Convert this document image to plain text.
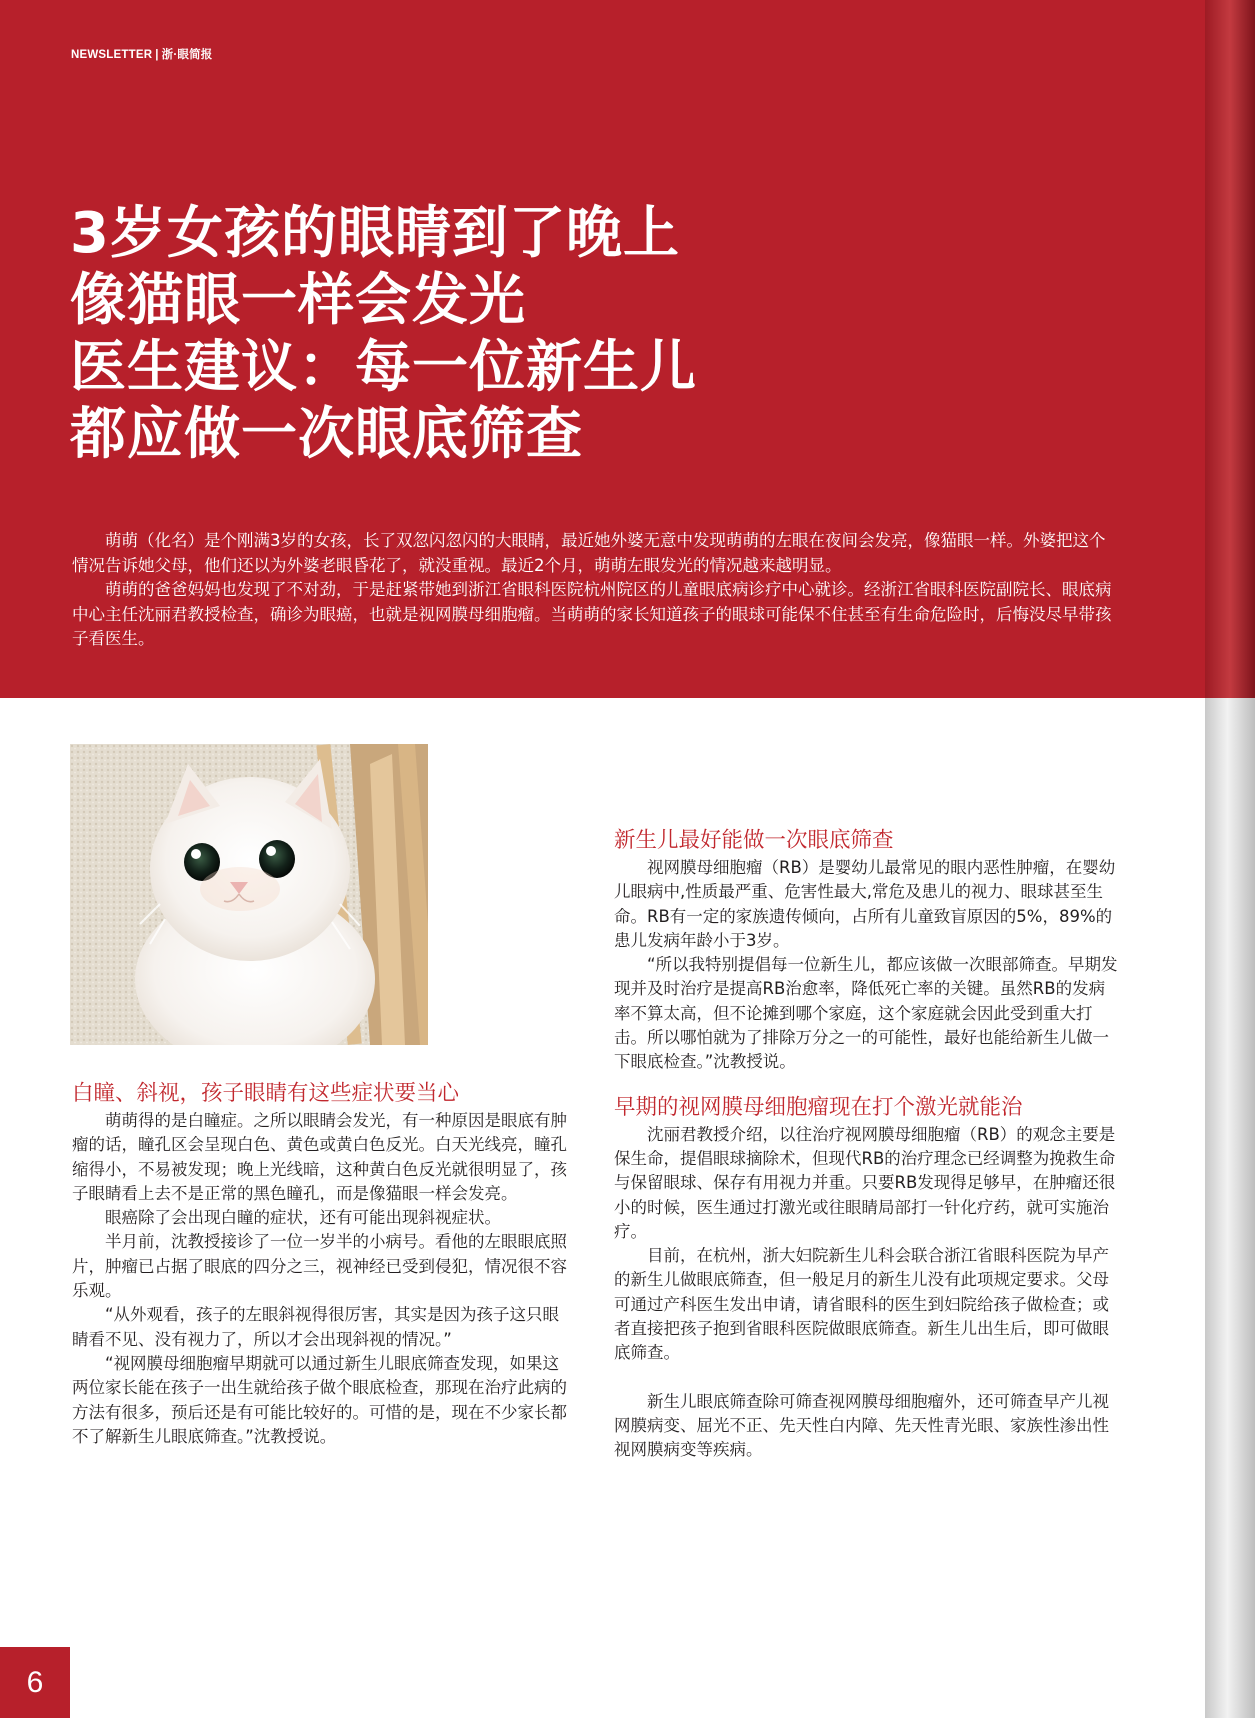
NEWSLETTER | 浙·眼简报
3岁女孩的眼睛到了晚上
像猫眼一样会发光
医生建议：每一位新生儿
都应做一次眼底筛查

萌萌（化名）是个刚满3岁的女孩，长了双忽闪忽闪的大眼睛，最近她外婆无意中发现萌萌的左眼在夜间会发亮，像猫眼一样。外婆把这个情况告诉她父母，他们还以为外婆老眼昏花了，就没重视。最近2个月，萌萌左眼发光的情况越来越明显。

萌萌的爸爸妈妈也发现了不对劲，于是赶紧带她到浙江省眼科医院杭州院区的儿童眼底病诊疗中心就诊。经浙江省眼科医院副院长、眼底病中心主任沈丽君教授检查，确诊为眼癌，也就是视网膜母细胞瘤。当萌萌的家长知道孩子的眼球可能保不住甚至有生命危险时，后悔没尽早带孩子看医生。

白瞳、斜视，孩子眼睛有这些症状要当心

萌萌得的是白瞳症。之所以眼睛会发光，有一种原因是眼底有肿瘤的话，瞳孔区会呈现白色、黄色或黄白色反光。白天光线亮，瞳孔缩得小，不易被发现；晚上光线暗，这种黄白色反光就很明显了，孩子眼睛看上去不是正常的黑色瞳孔，而是像猫眼一样会发亮。

眼癌除了会出现白瞳的症状，还有可能出现斜视症状。

半月前，沈教授接诊了一位一岁半的小病号。看他的左眼眼底照片，肿瘤已占据了眼底的四分之三，视神经已受到侵犯，情况很不容乐观。

“从外观看，孩子的左眼斜视得很厉害，其实是因为孩子这只眼睛看不见、没有视力了，所以才会出现斜视的情况。”

“视网膜母细胞瘤早期就可以通过新生儿眼底筛查发现，如果这两位家长能在孩子一出生就给孩子做个眼底检查，那现在治疗此病的方法有很多，预后还是有可能比较好的。可惜的是，现在不少家长都不了解新生儿眼底筛查。”沈教授说。

新生儿最好能做一次眼底筛查

视网膜母细胞瘤（RB）是婴幼儿最常见的眼内恶性肿瘤，在婴幼儿眼病中,性质最严重、危害性最大,常危及患儿的视力、眼球甚至生命。RB有一定的家族遗传倾向，占所有儿童致盲原因的5%，89%的患儿发病年龄小于3岁。

“所以我特别提倡每一位新生儿，都应该做一次眼部筛查。早期发现并及时治疗是提高RB治愈率，降低死亡率的关键。虽然RB的发病率不算太高，但不论摊到哪个家庭，这个家庭就会因此受到重大打击。所以哪怕就为了排除万分之一的可能性，最好也能给新生儿做一下眼底检查。”沈教授说。

早期的视网膜母细胞瘤现在打个激光就能治

沈丽君教授介绍，以往治疗视网膜母细胞瘤（RB）的观念主要是保生命，提倡眼球摘除术，但现代RB的治疗理念已经调整为挽救生命与保留眼球、保存有用视力并重。只要RB发现得足够早，在肿瘤还很小的时候，医生通过打激光或往眼睛局部打一针化疗药，就可实施治疗。

目前，在杭州，浙大妇院新生儿科会联合浙江省眼科医院为早产的新生儿做眼底筛查，但一般足月的新生儿没有此项规定要求。父母可通过产科医生发出申请，请省眼科的医生到妇院给孩子做检查；或者直接把孩子抱到省眼科医院做眼底筛查。新生儿出生后，即可做眼底筛查。

新生儿眼底筛查除可筛查视网膜母细胞瘤外，还可筛查早产儿视网膜病变、屈光不正、先天性白内障、先天性青光眼、家族性渗出性视网膜病变等疾病。

6
